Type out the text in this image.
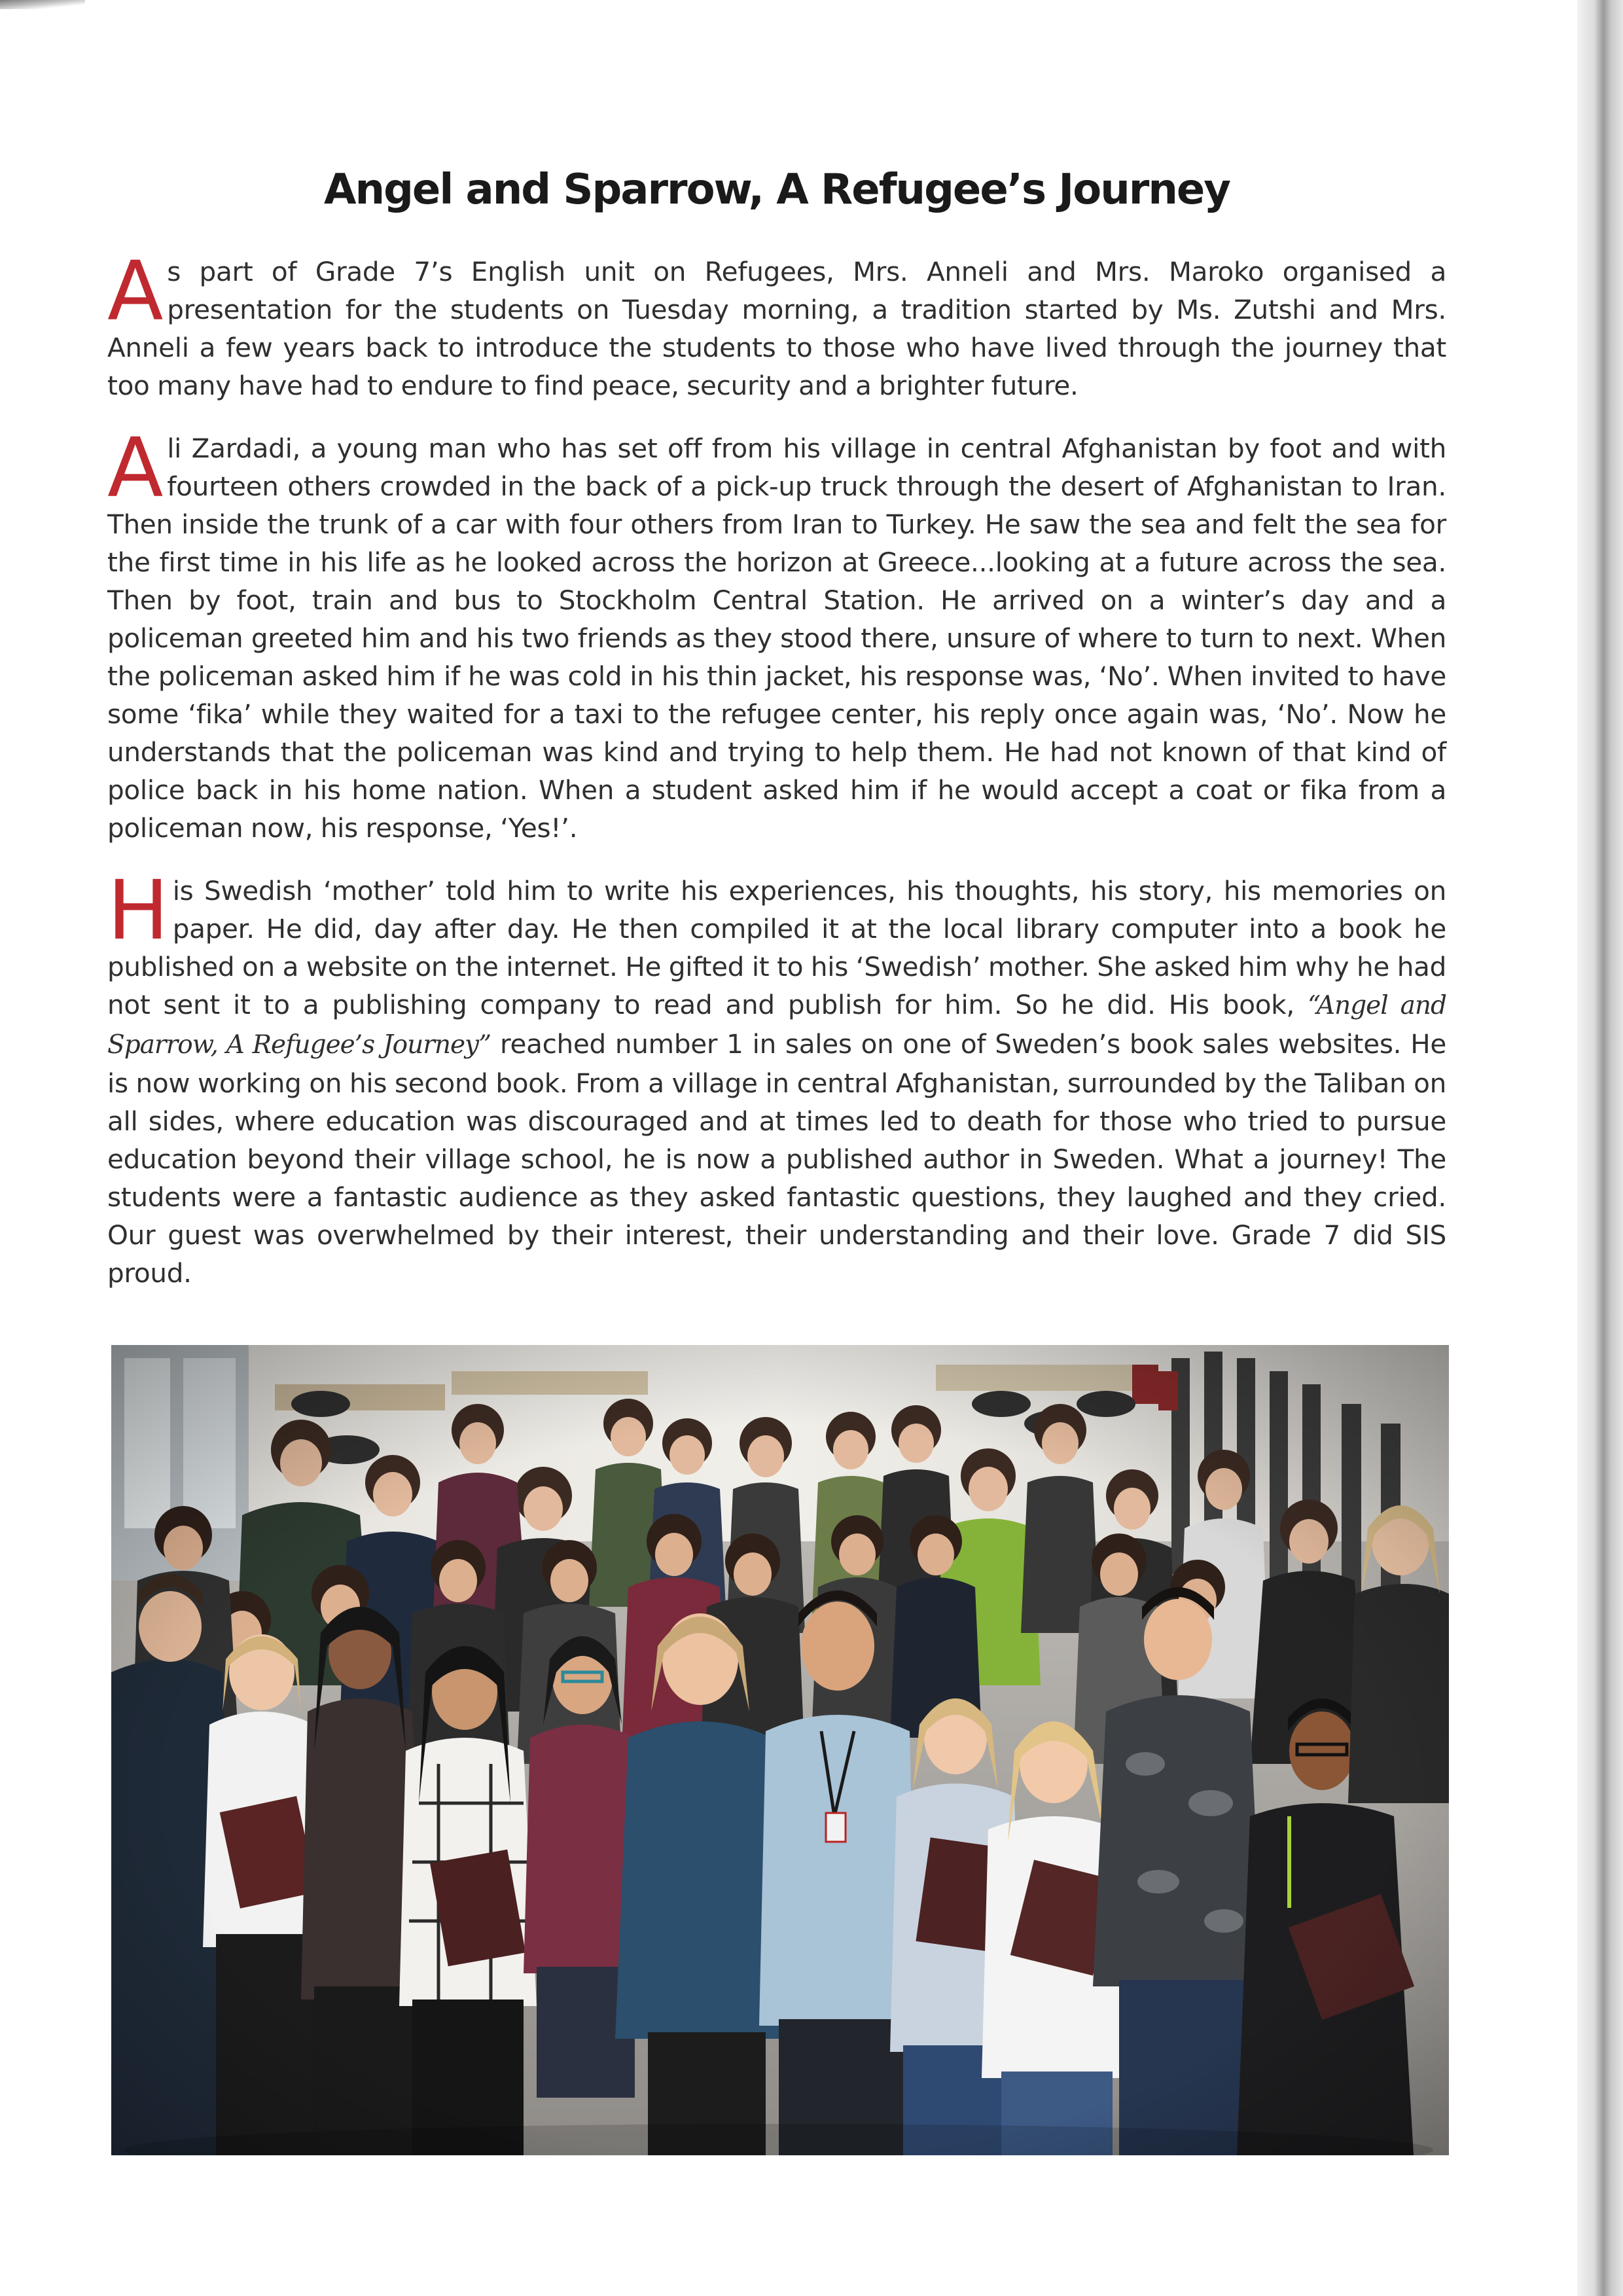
Angel and Sparrow, A Refugee’s Journey

As part of Grade 7’s English unit on Refugees, Mrs. Anneli and Mrs. Maroko organised a presentation for the students on Tuesday morning, a tradition started by Ms. Zutshi and Mrs. Anneli a few years back to introduce the students to those who have lived through the journey that too many have had to endure to find peace, security and a brighter future.

Ali Zardadi, a young man who has set off from his village in central Afghanistan by foot and with fourteen others crowded in the back of a pick-up truck through the desert of Afghanistan to Iran. Then inside the trunk of a car with four others from Iran to Turkey. He saw the sea and felt the sea for the first time in his life as he looked across the horizon at Greece...looking at a future across the sea. Then by foot, train and bus to Stockholm Central Station. He arrived on a winter’s day and a policeman greeted him and his two friends as they stood there, unsure of where to turn to next. When the policeman asked him if he was cold in his thin jacket, his response was, ‘No’. When invited to have some ‘fika’ while they waited for a taxi to the refugee center, his reply once again was, ‘No’. Now he understands that the policeman was kind and trying to help them. He had not known of that kind of police back in his home nation. When a student asked him if he would accept a coat or fika from a policeman now, his response, ‘Yes!’.

His Swedish ‘mother’ told him to write his experiences, his thoughts, his story, his memories on paper. He did, day after day. He then compiled it at the local library computer into a book he published on a website on the internet. He gifted it to his ‘Swedish’ mother. She asked him why he had not sent it to a publishing company to read and publish for him. So he did. His book, “Angel and Sparrow, A Refugee’s Journey” reached number 1 in sales on one of Sweden’s book sales websites. He is now working on his second book. From a village in central Afghanistan, surrounded by the Taliban on all sides, where education was discouraged and at times led to death for those who tried to pursue education beyond their village school, he is now a published author in Sweden. What a journey! The students were a fantastic audience as they asked fantastic questions, they laughed and they cried. Our guest was overwhelmed by their interest, their understanding and their love. Grade 7 did SIS proud.
